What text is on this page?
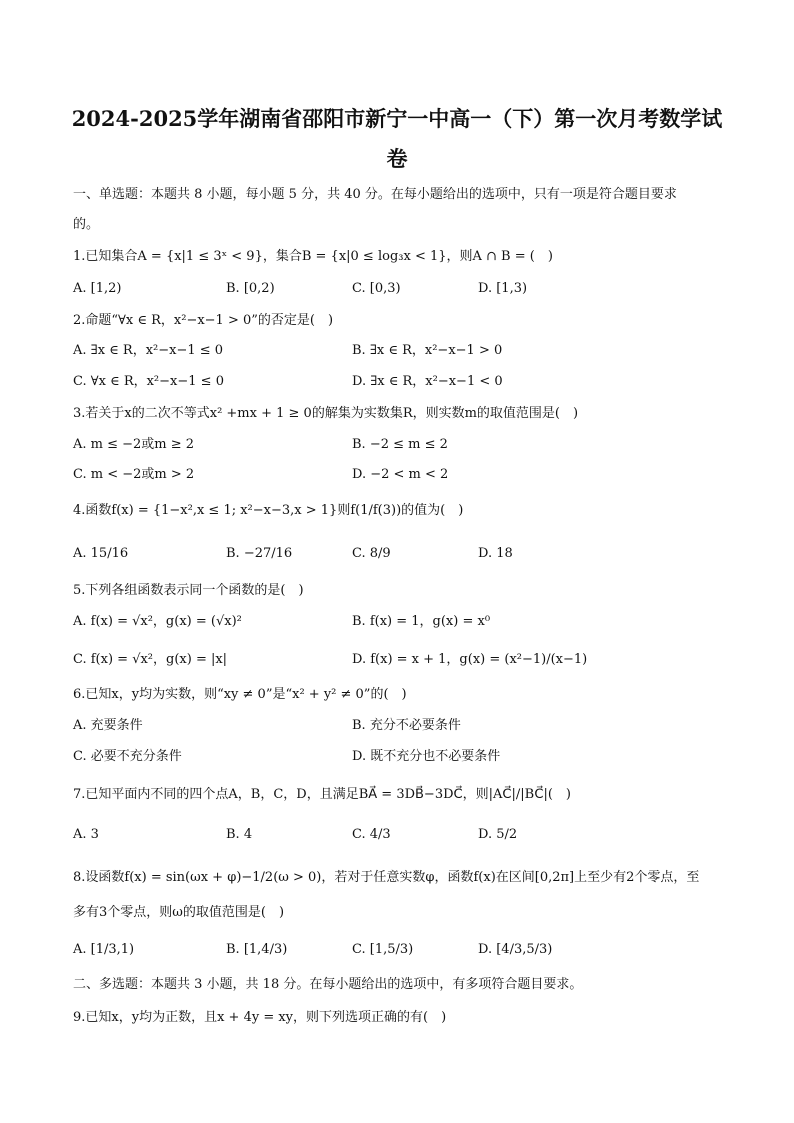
2024-2025学年湖南省邵阳市新宁一中高一（下）第一次月考数学试
卷
一、单选题：本题共 8 小题，每小题 5 分，共 40 分。在每小题给出的选项中，只有一项是符合题目要求
的。
1.已知集合A = {x|1 ≤ 3ˣ < 9}，集合B = {x|0 ≤ log₃x < 1}，则A ∩ B = (　)
A. [1,2)	B. [0,2)	C. [0,3)	D. [1,3)
2.命题“∀x ∈ R，x²−x−1 > 0”的否定是(　)
A. ∃x ∈ R，x²−x−1 ≤ 0	B. ∃x ∈ R，x²−x−1 > 0
C. ∀x ∈ R，x²−x−1 ≤ 0	D. ∃x ∈ R，x²−x−1 < 0
3.若关于x的二次不等式x² +mx + 1 ≥ 0的解集为实数集R，则实数m的取值范围是(　)
A. m ≤ −2或m ≥ 2	B. −2 ≤ m ≤ 2
C. m < −2或m > 2	D. −2 < m < 2
4.函数f(x) = {1−x²,x ≤ 1; x²−x−3,x > 1}则f(1/f(3))的值为(　)
A. 15/16	B. −27/16	C. 8/9	D. 18
5.下列各组函数表示同一个函数的是(　)
A. f(x) = √x²，g(x) = (√x)²	B. f(x) = 1，g(x) = x⁰
C. f(x) = √x²，g(x) = |x|	D. f(x) = x + 1，g(x) = (x²−1)/(x−1)
6.已知x，y均为实数，则“xy ≠ 0”是“x² + y² ≠ 0”的(　)
A. 充要条件	B. 充分不必要条件
C. 必要不充分条件	D. 既不充分也不必要条件
7.已知平面内不同的四个点A，B，C，D，且满足BA⃗ = 3DB⃗−3DC⃗，则|AC⃗|/|BC⃗|(　)
A. 3	B. 4	C. 4/3	D. 5/2
8.设函数f(x) = sin(ωx + φ)−1/2(ω > 0)，若对于任意实数φ，函数f(x)在区间[0,2π]上至少有2个零点，至
多有3个零点，则ω的取值范围是(　)
A. [1/3,1)	B. [1,4/3)	C. [1,5/3)	D. [4/3,5/3)
二、多选题：本题共 3 小题，共 18 分。在每小题给出的选项中，有多项符合题目要求。
9.已知x，y均为正数，且x + 4y = xy，则下列选项正确的有(　)
